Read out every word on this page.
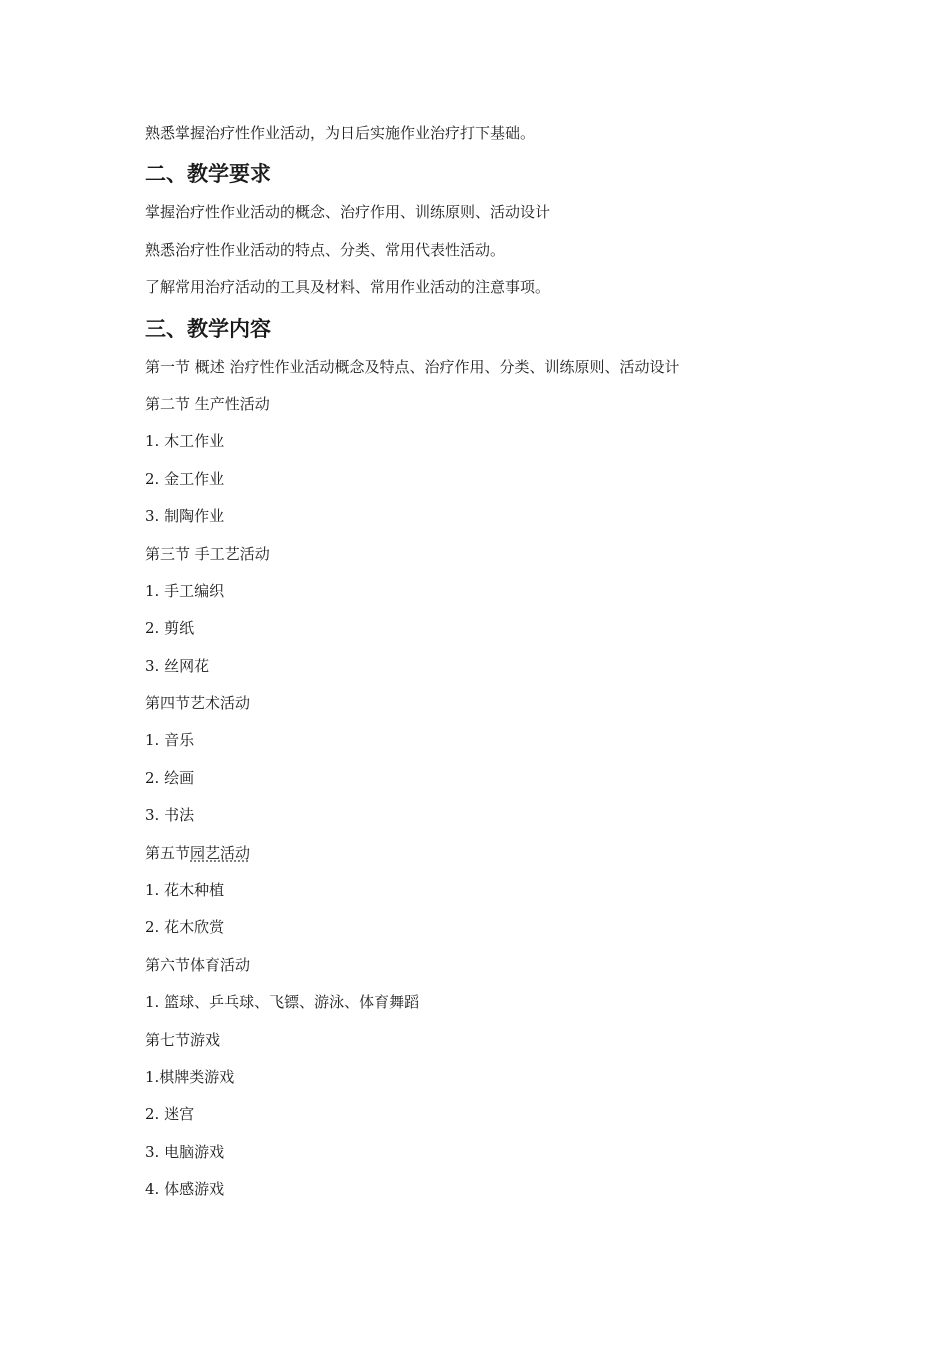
熟悉掌握治疗性作业活动，为日后实施作业治疗打下基础。
二、教学要求
掌握治疗性作业活动的概念、治疗作用、训练原则、活动设计
熟悉治疗性作业活动的特点、分类、常用代表性活动。
了解常用治疗活动的工具及材料、常用作业活动的注意事项。
三、教学内容
第一节 概述 治疗性作业活动概念及特点、治疗作用、分类、训练原则、活动设计
第二节 生产性活动
1. 木工作业
2. 金工作业
3. 制陶作业
第三节 手工艺活动
1. 手工编织
2. 剪纸
3. 丝网花
第四节艺术活动
1. 音乐
2. 绘画
3. 书法
第五节园艺活动
1. 花木种植
2. 花木欣赏
第六节体育活动
1. 篮球、乒乓球、飞镖、游泳、体育舞蹈
第七节游戏
1.棋牌类游戏
2. 迷宫
3. 电脑游戏
4. 体感游戏
